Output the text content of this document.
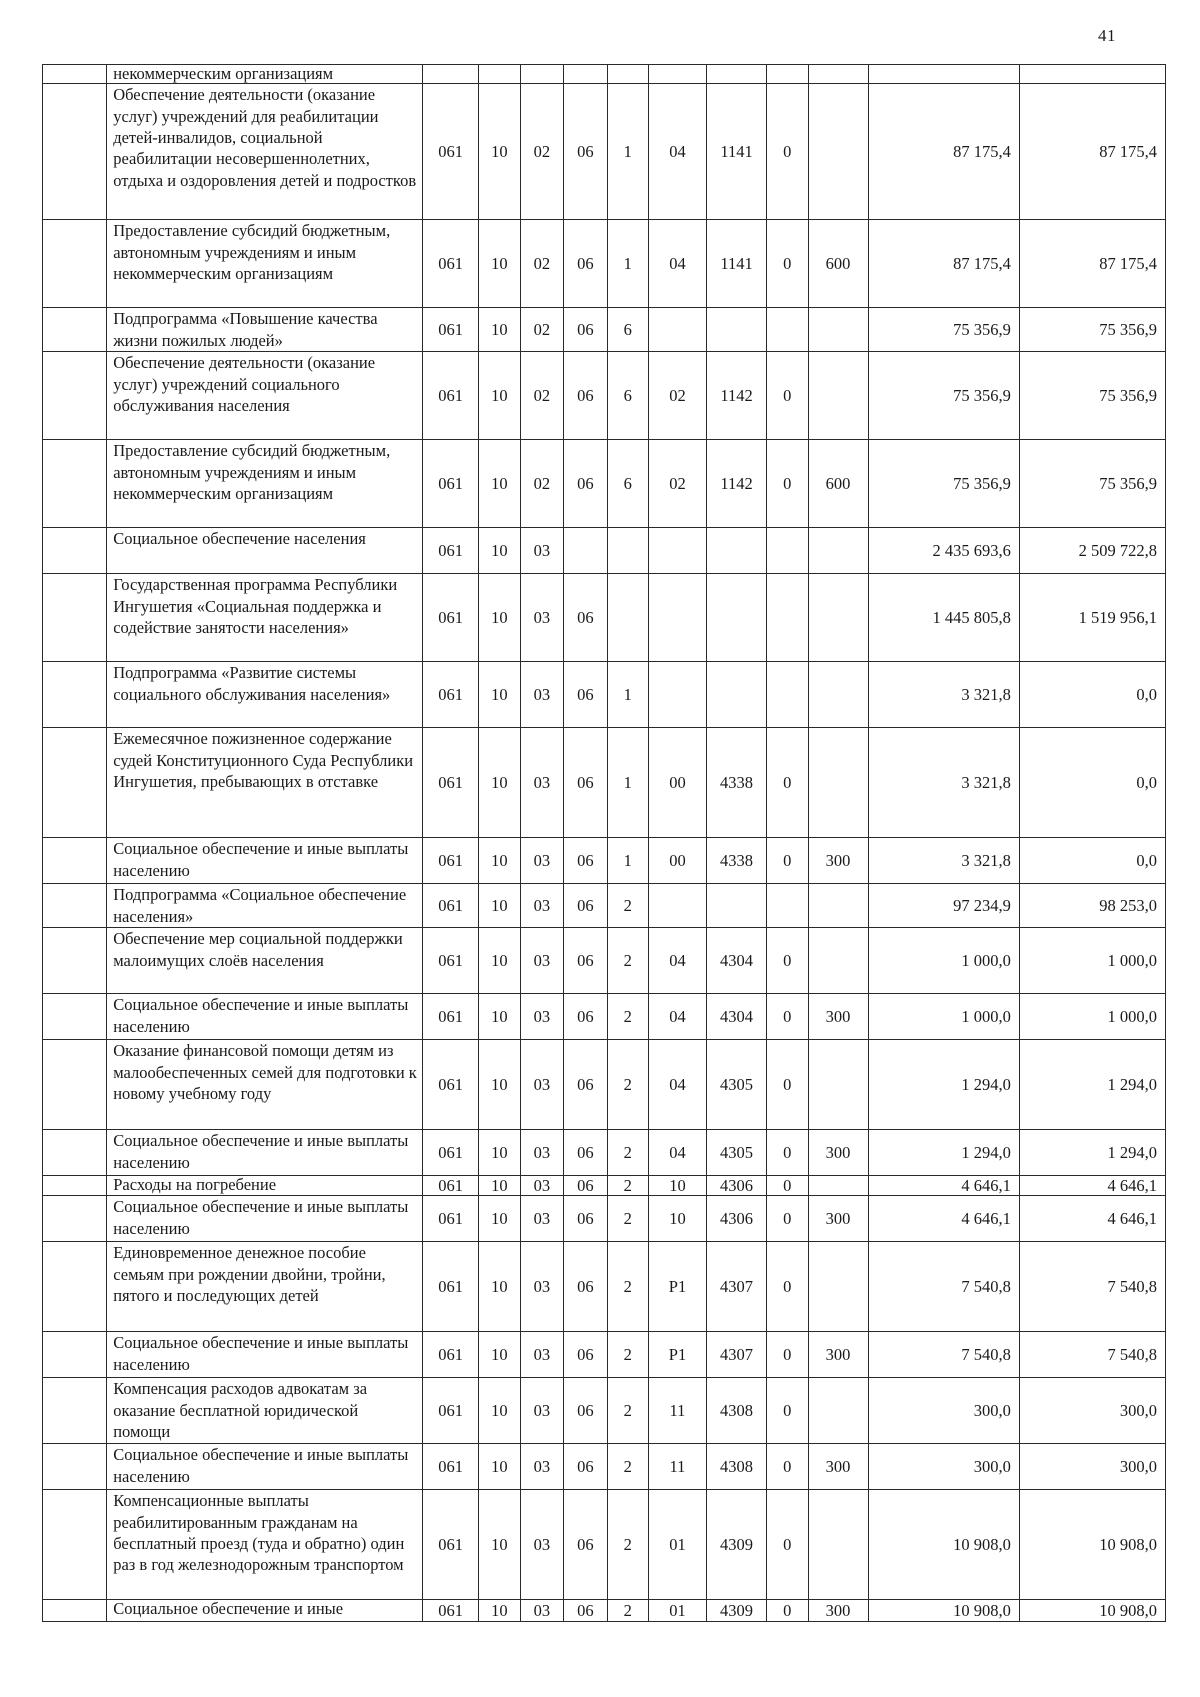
41
	некоммерческим организациям											
	Обеспечение деятельности (оказание услуг) учреждений для реабилитации детей-инвалидов, социальной реабилитации несовершеннолетних, отдыха и оздоровления детей и подростков	061	10	02	06	1	04	1141	0		87 175,4	87 175,4
	Предоставление субсидий бюджетным, автономным учреждениям и иным некоммерческим организациям	061	10	02	06	1	04	1141	0	600	87 175,4	87 175,4
	Подпрограмма «Повышение качества жизни пожилых людей»	061	10	02	06	6					75 356,9	75 356,9
	Обеспечение деятельности (оказание услуг) учреждений социального обслуживания населения	061	10	02	06	6	02	1142	0		75 356,9	75 356,9
	Предоставление субсидий бюджетным, автономным учреждениям и иным некоммерческим организациям	061	10	02	06	6	02	1142	0	600	75 356,9	75 356,9
	Социальное обеспечение населения	061	10	03							2 435 693,6	2 509 722,8
	Государственная программа Республики Ингушетия «Социальная поддержка и содействие занятости населения»	061	10	03	06						1 445 805,8	1 519 956,1
	Подпрограмма «Развитие системы социального обслуживания населения»	061	10	03	06	1					3 321,8	0,0
	Ежемесячное пожизненное содержание судей Конституционного Суда Республики Ингушетия, пребывающих в отставке	061	10	03	06	1	00	4338	0		3 321,8	0,0
	Социальное обеспечение и иные выплаты населению	061	10	03	06	1	00	4338	0	300	3 321,8	0,0
	Подпрограмма «Социальное обеспечение населения»	061	10	03	06	2					97 234,9	98 253,0
	Обеспечение мер социальной поддержки малоимущих слоёв населения	061	10	03	06	2	04	4304	0		1 000,0	1 000,0
	Социальное обеспечение и иные выплаты населению	061	10	03	06	2	04	4304	0	300	1 000,0	1 000,0
	Оказание финансовой помощи детям из малообеспеченных семей для подготовки к новому учебному году	061	10	03	06	2	04	4305	0		1 294,0	1 294,0
	Социальное обеспечение и иные выплаты населению	061	10	03	06	2	04	4305	0	300	1 294,0	1 294,0
	Расходы на погребение	061	10	03	06	2	10	4306	0		4 646,1	4 646,1
	Социальное обеспечение и иные выплаты населению	061	10	03	06	2	10	4306	0	300	4 646,1	4 646,1
	Единовременное денежное пособие семьям при рождении двойни, тройни, пятого и последующих детей	061	10	03	06	2	Р1	4307	0		7 540,8	7 540,8
	Социальное обеспечение и иные выплаты населению	061	10	03	06	2	Р1	4307	0	300	7 540,8	7 540,8
	Компенсация расходов адвокатам за оказание бесплатной юридической помощи	061	10	03	06	2	11	4308	0		300,0	300,0
	Социальное обеспечение и иные выплаты населению	061	10	03	06	2	11	4308	0	300	300,0	300,0
	Компенсационные выплаты реабилитированным гражданам на бесплатный проезд (туда и обратно) один раз в год железнодорожным транспортом	061	10	03	06	2	01	4309	0		10 908,0	10 908,0
	Социальное обеспечение и иные	061	10	03	06	2	01	4309	0	300	10 908,0	10 908,0
